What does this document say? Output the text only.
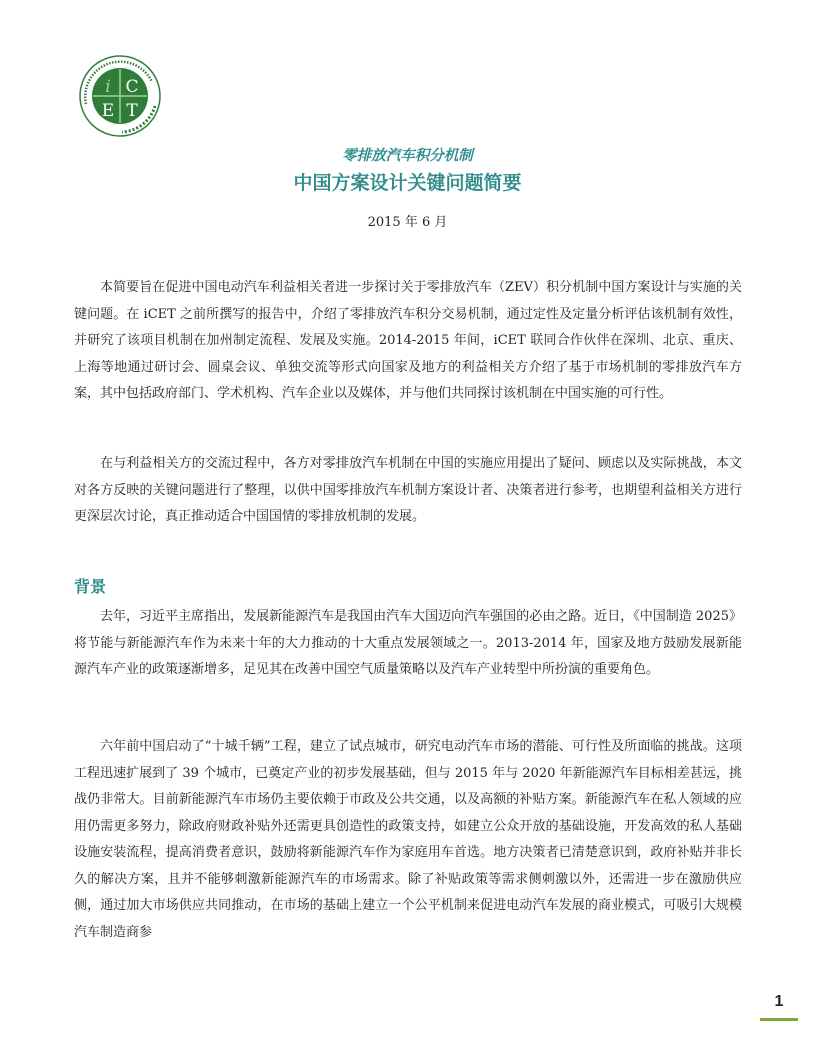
i C
E T
零排放汽车积分机制
中国方案设计关键问题简要
2015 年 6 月

本简要旨在促进中国电动汽车利益相关者进一步探讨关于零排放汽车（ZEV）积分机制中国方案设计与实施的关键问题。在 iCET 之前所撰写的报告中，介绍了零排放汽车积分交易机制，通过定性及定量分析评估该机制有效性，并研究了该项目机制在加州制定流程、发展及实施。2014-2015 年间，iCET 联同合作伙伴在深圳、北京、重庆、上海等地通过研讨会、圆桌会议、单独交流等形式向国家及地方的利益相关方介绍了基于市场机制的零排放汽车方案，其中包括政府部门、学术机构、汽车企业以及媒体，并与他们共同探讨该机制在中国实施的可行性。

在与利益相关方的交流过程中，各方对零排放汽车机制在中国的实施应用提出了疑问、顾虑以及实际挑战，本文对各方反映的关键问题进行了整理，以供中国零排放汽车机制方案设计者、决策者进行参考，也期望利益相关方进行更深层次讨论，真正推动适合中国国情的零排放机制的发展。

背景

去年，习近平主席指出，发展新能源汽车是我国由汽车大国迈向汽车强国的必由之路。近日，《中国制造 2025》将节能与新能源汽车作为未来十年的大力推动的十大重点发展领域之一。2013-2014 年，国家及地方鼓励发展新能源汽车产业的政策逐渐增多，足见其在改善中国空气质量策略以及汽车产业转型中所扮演的重要角色。

六年前中国启动了“十城千辆”工程，建立了试点城市，研究电动汽车市场的潜能、可行性及所面临的挑战。这项工程迅速扩展到了 39 个城市，已奠定产业的初步发展基础，但与 2015 年与 2020 年新能源汽车目标相差甚远，挑战仍非常大。目前新能源汽车市场仍主要依赖于市政及公共交通，以及高额的补贴方案。新能源汽车在私人领域的应用仍需更多努力，除政府财政补贴外还需更具创造性的政策支持，如建立公众开放的基础设施，开发高效的私人基础设施安装流程，提高消费者意识，鼓励将新能源汽车作为家庭用车首选。地方决策者已清楚意识到，政府补贴并非长久的解决方案，且并不能够刺激新能源汽车的市场需求。除了补贴政策等需求侧刺激以外，还需进一步在激励供应侧，通过加大市场供应共同推动，在市场的基础上建立一个公平机制来促进电动汽车发展的商业模式，可吸引大规模汽车制造商参

1
